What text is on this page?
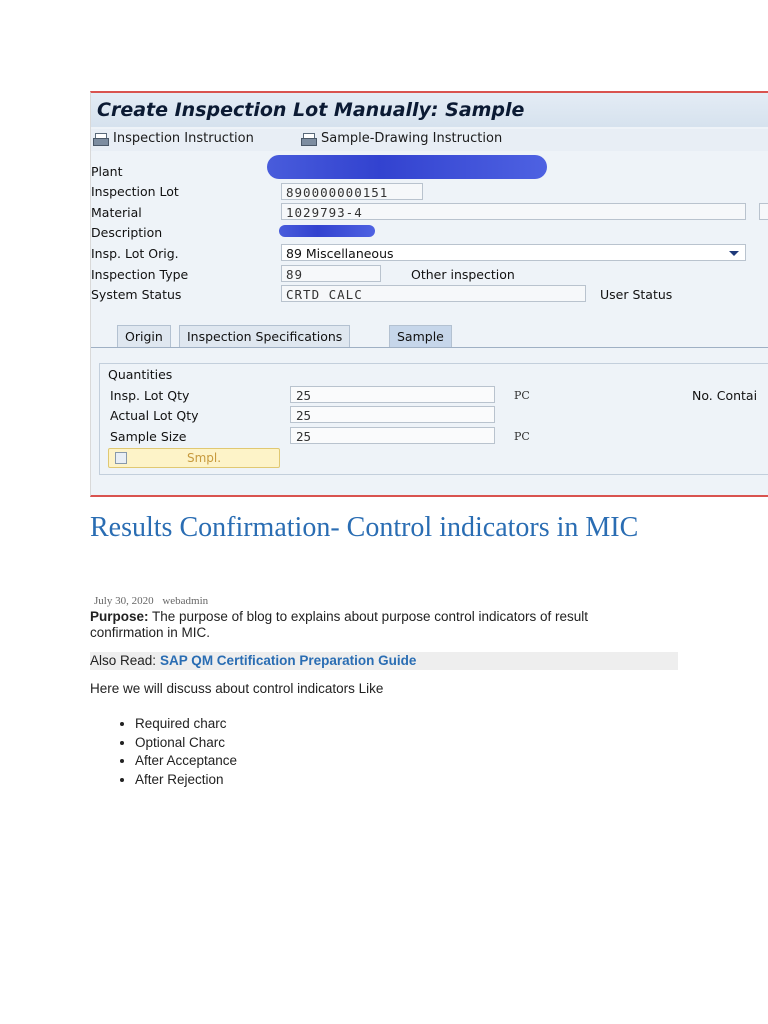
Create Inspection Lot Manually: Sample
Inspection Instruction	Sample-Drawing Instruction
Plant
Inspection Lot	890000000151
Material	1029793-4
Description
Insp. Lot Orig.	89 Miscellaneous
Inspection Type	89	Other inspection
System Status	CRTD CALC	User Status
Origin	Inspection Specifications	Sample
Quantities
Insp. Lot Qty	25	PC	No. Contai
Actual Lot Qty	25
Sample Size	25	PC
Smpl.
Results Confirmation- Control indicators in MIC
July 30, 2020 webadmin
Purpose: The purpose of blog to explains about purpose control indicators of result confirmation in MIC.
Also Read: SAP QM Certification Preparation Guide
Here we will discuss about control indicators Like
• Required charc
• Optional Charc
• After Acceptance
• After Rejection
